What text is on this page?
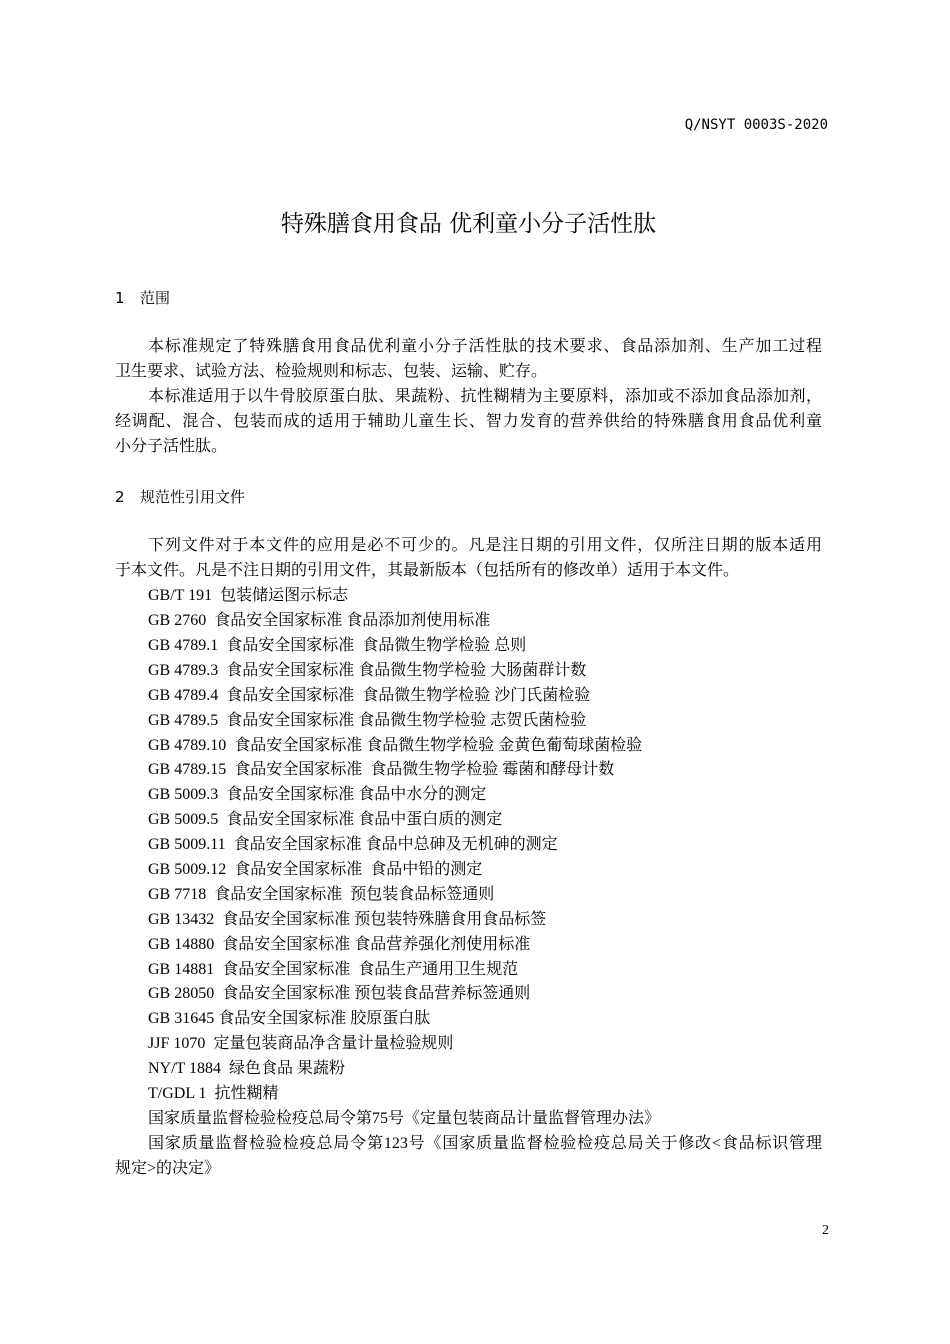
Q/NSYT 0003S-2020
特殊膳食用食品 优利童小分子活性肽
1 范围
本标准规定了特殊膳食用食品优利童小分子活性肽的技术要求、食品添加剂、生产加工过程
卫生要求、试验方法、检验规则和标志、包装、运输、贮存。
本标准适用于以牛骨胶原蛋白肽、果蔬粉、抗性糊精为主要原料，添加或不添加食品添加剂，
经调配、混合、包装而成的适用于辅助儿童生长、智力发育的营养供给的特殊膳食用食品优利童
小分子活性肽。
2 规范性引用文件
下列文件对于本文件的应用是必不可少的。凡是注日期的引用文件，仅所注日期的版本适用
于本文件。凡是不注日期的引用文件，其最新版本（包括所有的修改单）适用于本文件。
GB/T 191  包装储运图示标志
GB 2760  食品安全国家标准 食品添加剂使用标准
GB 4789.1  食品安全国家标准  食品微生物学检验 总则
GB 4789.3  食品安全国家标准 食品微生物学检验 大肠菌群计数
GB 4789.4  食品安全国家标准  食品微生物学检验 沙门氏菌检验
GB 4789.5  食品安全国家标准 食品微生物学检验 志贺氏菌检验
GB 4789.10  食品安全国家标准 食品微生物学检验 金黄色葡萄球菌检验
GB 4789.15  食品安全国家标准  食品微生物学检验 霉菌和酵母计数
GB 5009.3  食品安全国家标准 食品中水分的测定
GB 5009.5  食品安全国家标准 食品中蛋白质的测定
GB 5009.11  食品安全国家标准 食品中总砷及无机砷的测定
GB 5009.12  食品安全国家标准  食品中铅的测定
GB 7718  食品安全国家标准  预包装食品标签通则
GB 13432  食品安全国家标准 预包装特殊膳食用食品标签
GB 14880  食品安全国家标准 食品营养强化剂使用标准
GB 14881  食品安全国家标准  食品生产通用卫生规范
GB 28050  食品安全国家标准 预包装食品营养标签通则
GB 31645 食品安全国家标准 胶原蛋白肽
JJF 1070  定量包装商品净含量计量检验规则
NY/T 1884  绿色食品 果蔬粉
T/GDL 1  抗性糊精
国家质量监督检验检疫总局令第75号《定量包装商品计量监督管理办法》
国家质量监督检验检疫总局令第123号《国家质量监督检验检疫总局关于修改<食品标识管理
规定>的决定》
2
